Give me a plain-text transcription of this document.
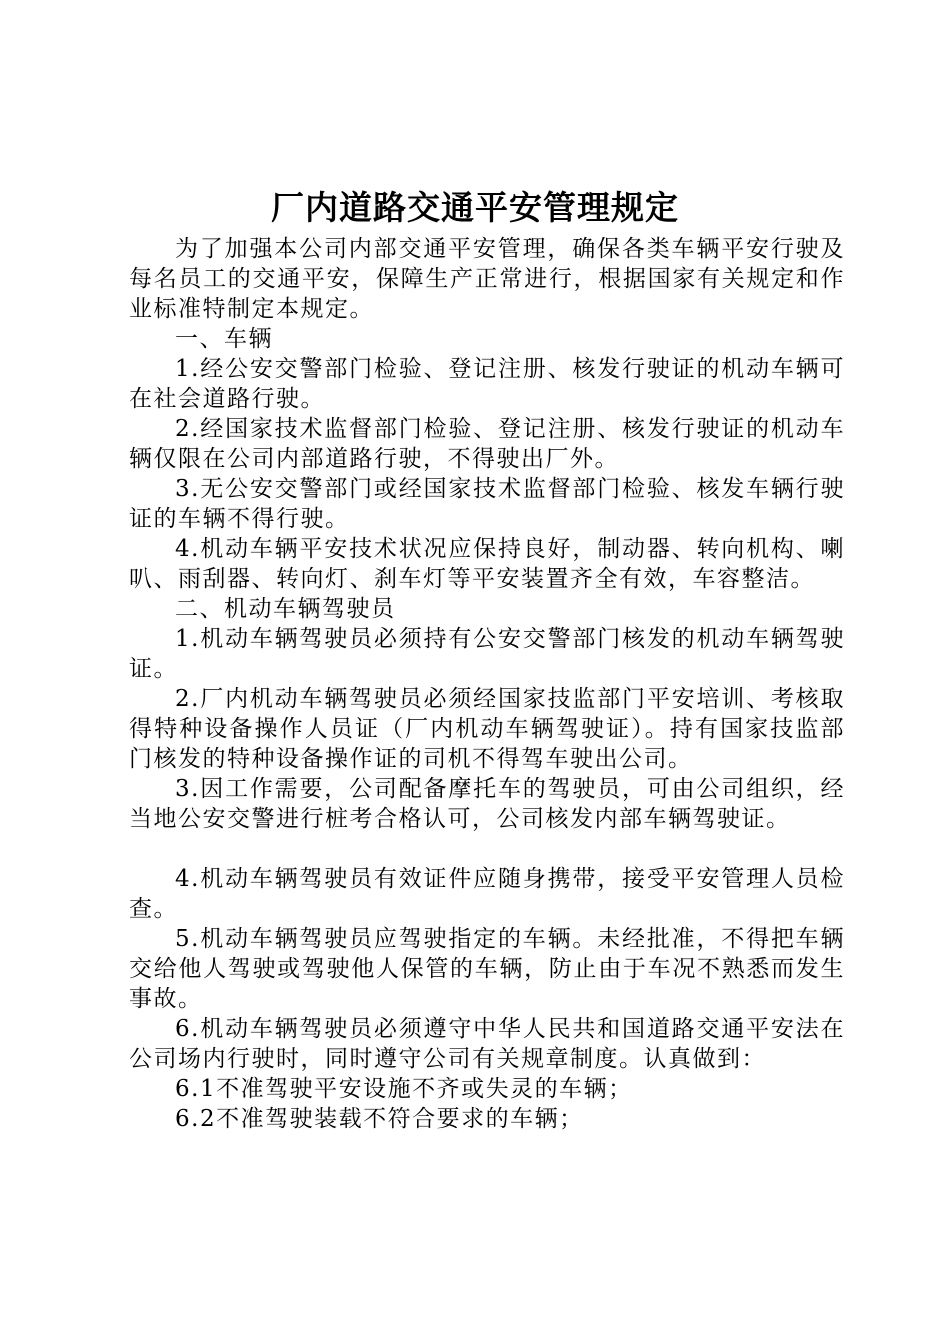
厂内道路交通平安管理规定

为了加强本公司内部交通平安管理，确保各类车辆平安行驶及每名员工的交通平安，保障生产正常进行，根据国家有关规定和作业标准特制定本规定。

一、车辆

1.经公安交警部门检验、登记注册、核发行驶证的机动车辆可在社会道路行驶。

2.经国家技术监督部门检验、登记注册、核发行驶证的机动车辆仅限在公司内部道路行驶，不得驶出厂外。

3.无公安交警部门或经国家技术监督部门检验、核发车辆行驶证的车辆不得行驶。

4.机动车辆平安技术状况应保持良好，制动器、转向机构、喇叭、雨刮器、转向灯、刹车灯等平安装置齐全有效，车容整洁。

二、机动车辆驾驶员

1.机动车辆驾驶员必须持有公安交警部门核发的机动车辆驾驶证。

2.厂内机动车辆驾驶员必须经国家技监部门平安培训、考核取得特种设备操作人员证（厂内机动车辆驾驶证）。持有国家技监部门核发的特种设备操作证的司机不得驾车驶出公司。

3.因工作需要，公司配备摩托车的驾驶员，可由公司组织，经当地公安交警进行桩考合格认可，公司核发内部车辆驾驶证。

4.机动车辆驾驶员有效证件应随身携带，接受平安管理人员检查。

5.机动车辆驾驶员应驾驶指定的车辆。未经批准，不得把车辆交给他人驾驶或驾驶他人保管的车辆，防止由于车况不熟悉而发生事故。

6.机动车辆驾驶员必须遵守中华人民共和国道路交通平安法在公司场内行驶时，同时遵守公司有关规章制度。认真做到：

6.1不准驾驶平安设施不齐或失灵的车辆；

6.2不准驾驶装载不符合要求的车辆；
